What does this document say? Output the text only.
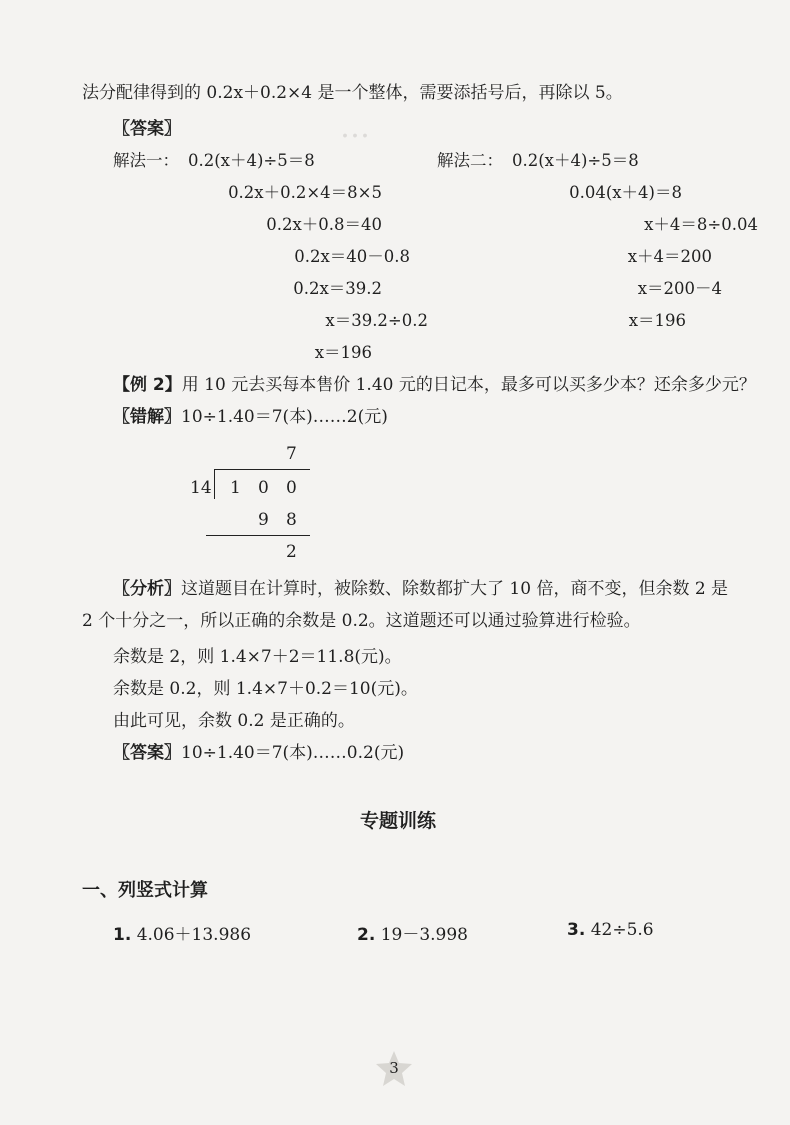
…
法分配律得到的 0.2x＋0.2×4 是一个整体，需要添括号后，再除以 5。
〖答案〗
解法一： 0.2(x＋4)÷5＝8
0.2x＋0.2×4＝8×5
0.2x＋0.8＝40
0.2x＝40－0.8
0.2x＝39.2
x＝39.2÷0.2
x＝196
解法二： 0.2(x＋4)÷5＝8
0.04(x＋4)＝8
x＋4＝8÷0.04
x＋4＝200
x＝200－4
x＝196
【例 2】用 10 元去买每本售价 1.40 元的日记本，最多可以买多少本？还余多少元？
〖错解〗10÷1.40＝7(本)……2(元)
7
14 1 0 0
9 8
2
〖分析〗这道题目在计算时，被除数、除数都扩大了 10 倍，商不变，但余数 2 是
2 个十分之一，所以正确的余数是 0.2。这道题还可以通过验算进行检验。
余数是 2，则 1.4×7＋2＝11.8(元)。
余数是 0.2，则 1.4×7＋0.2＝10(元)。
由此可见，余数 0.2 是正确的。
〖答案〗10÷1.40＝7(本)……0.2(元)
专题训练
一、列竖式计算
1. 4.06＋13.986	2. 19－3.998	3. 42÷5.6
3
